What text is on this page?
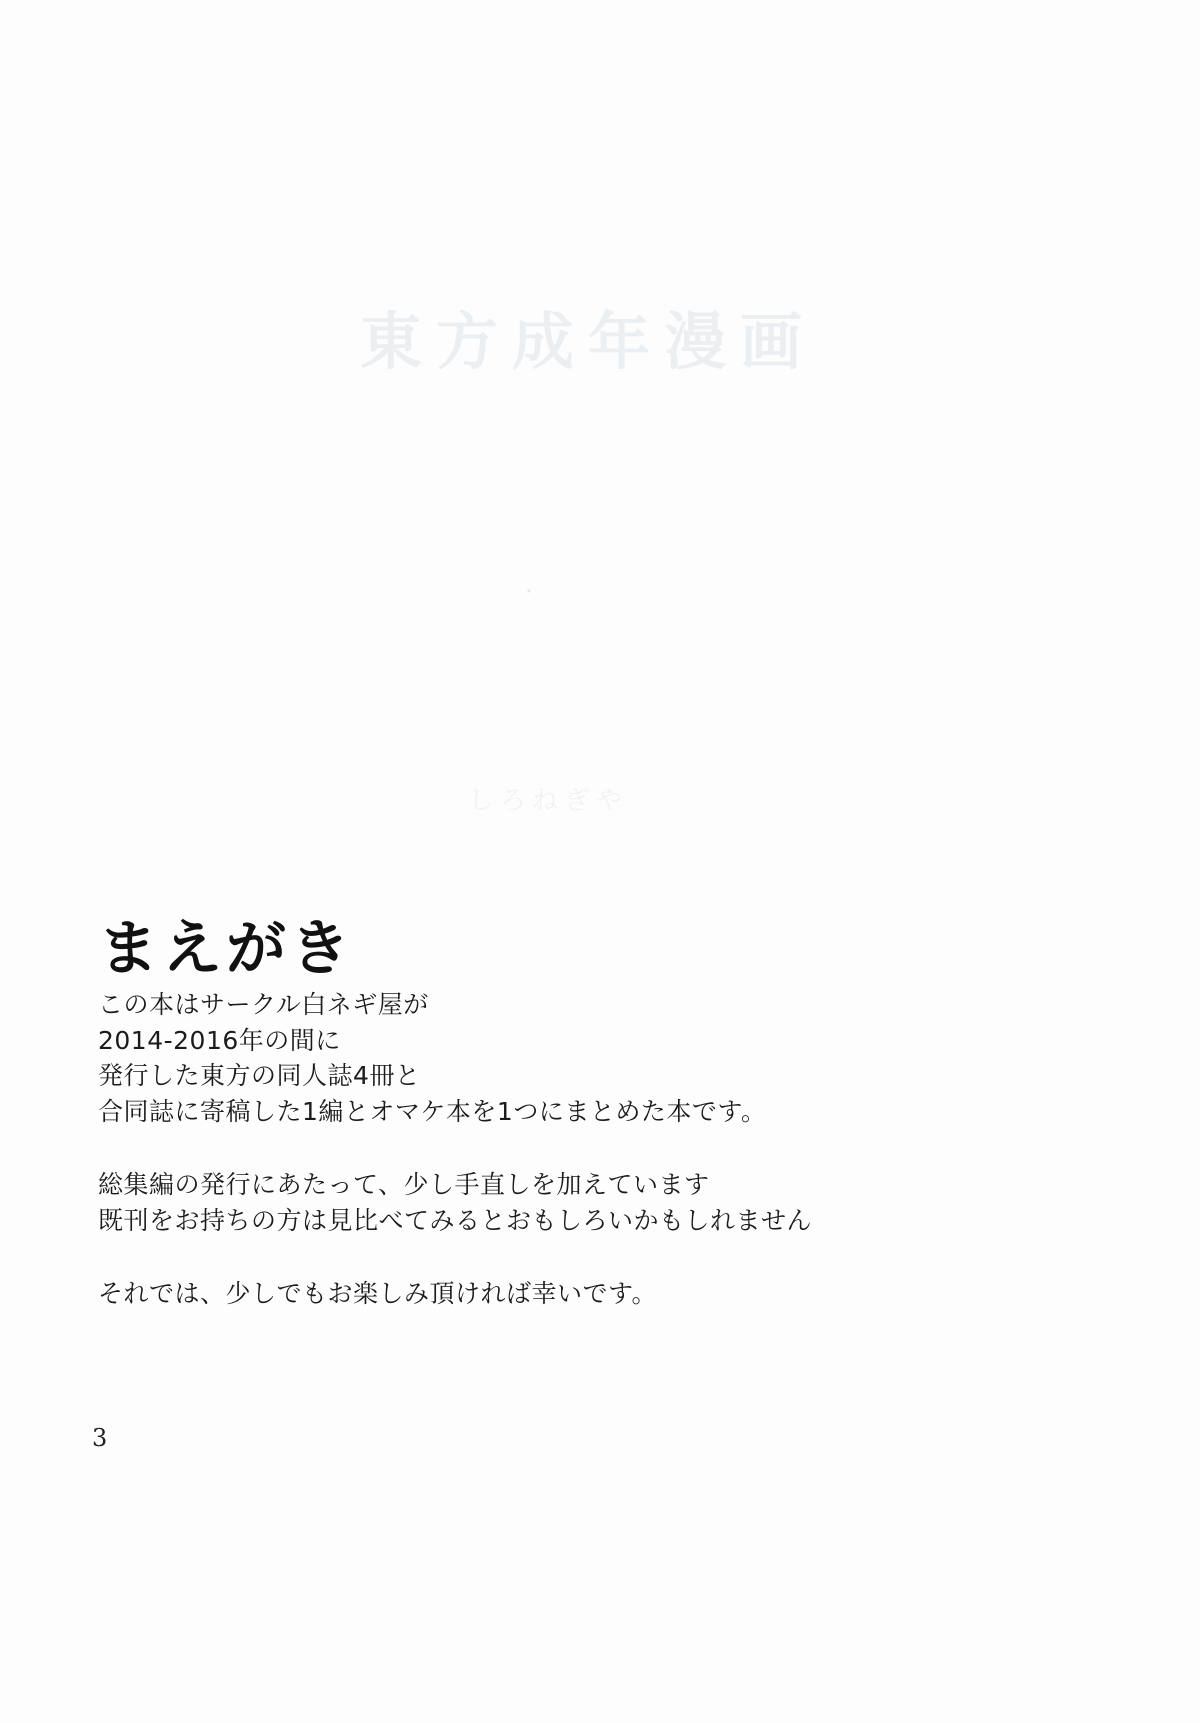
東方成年漫画
・
しろねぎや
まえがき

この本はサークル白ネギ屋が

2014-2016年の間に

発行した東方の同人誌4冊と

合同誌に寄稿した1編とオマケ本を1つにまとめた本です。

総集編の発行にあたって、少し手直しを加えています

既刊をお持ちの方は見比べてみるとおもしろいかもしれません

それでは、少しでもお楽しみ頂ければ幸いです。

3
